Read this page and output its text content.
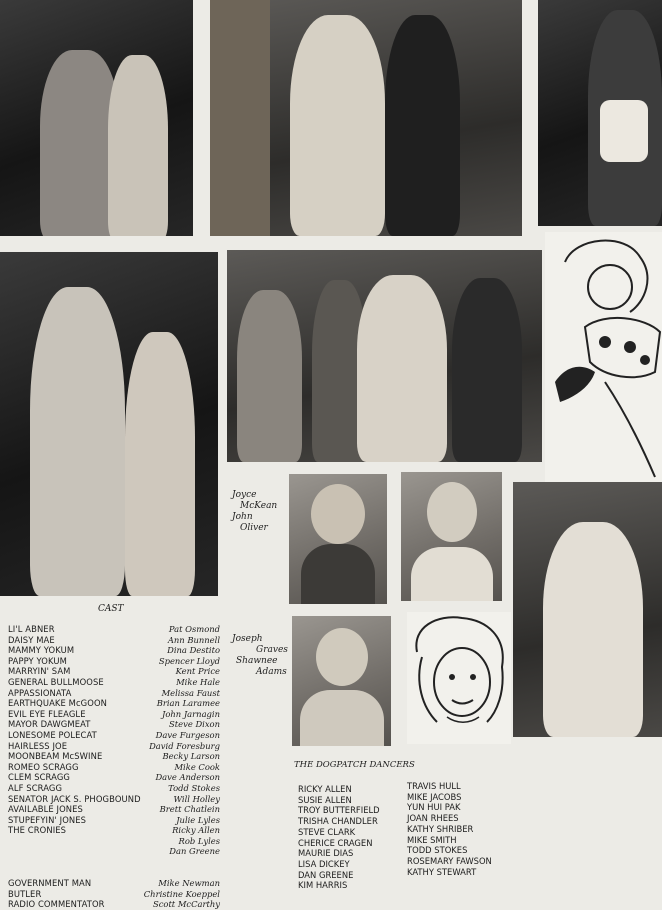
Joyce
McKean
John
Oliver
Joseph
Graves
Shawnee
Adams
CAST
LI'L ABNER	Pat Osmond
DAISY MAE	Ann Bunnell
MAMMY YOKUM	Dina Destito
PAPPY YOKUM	Spencer Lloyd
MARRYIN' SAM	Kent Price
GENERAL BULLMOOSE	Mike Hale
APPASSIONATA	Melissa Faust
EARTHQUAKE McGOON	Brian Laramee
EVIL EYE FLEAGLE	John Jarnagin
MAYOR DAWGMEAT	Steve Dixon
LONESOME POLECAT	Dave Furgeson
HAIRLESS JOE	David Foresburg
MOONBEAM McSWINE	Becky Larson
ROMEO SCRAGG	Mike Cook
CLEM SCRAGG	Dave Anderson
ALF SCRAGG	Todd Stokes
SENATOR JACK S. PHOGBOUND	Will Holley
AVAILABLE JONES	Brett Chatlein
STUPEFYIN' JONES	Julie Lyles
THE CRONIES	Ricky Allen
Rob Lyles
Dan Greene
GOVERNMENT MAN	Mike Newman
BUTLER	Christine Koeppel
RADIO COMMENTATOR	Scott McCarthy
THE DOGPATCH DANCERS
RICKY ALLEN
SUSIE ALLEN
TROY BUTTERFIELD
TRISHA CHANDLER
STEVE CLARK
CHERICE CRAGEN
MAURIE DIAS
LISA DICKEY
DAN GREENE
KIM HARRIS
TRAVIS HULL
MIKE JACOBS
YUN HUI PAK
JOAN RHEES
KATHY SHRIBER
MIKE SMITH
TODD STOKES
ROSEMARY FAWSON
KATHY STEWART
